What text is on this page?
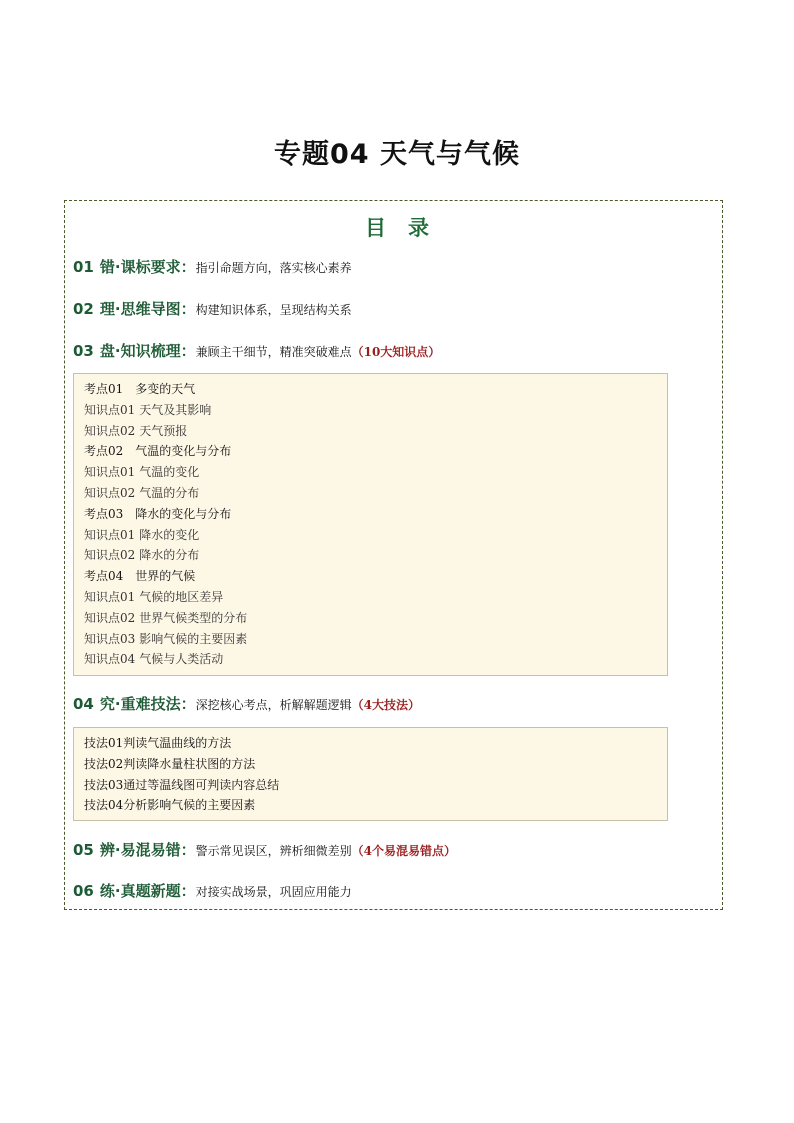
专题04 天气与气候
目录
01 错·课标要求：指引命题方向，落实核心素养
02 理·思维导图：构建知识体系，呈现结构关系
03 盘·知识梳理：兼顾主干细节，精准突破难点（10大知识点）
考点01 多变的天气
知识点01 天气及其影响
知识点02 天气预报
考点02 气温的变化与分布
知识点01 气温的变化
知识点02 气温的分布
考点03 降水的变化与分布
知识点01 降水的变化
知识点02 降水的分布
考点04 世界的气候
知识点01 气候的地区差异
知识点02 世界气候类型的分布
知识点03 影响气候的主要因素
知识点04 气候与人类活动
04 究·重难技法：深挖核心考点，析解解题逻辑（4大技法）
技法01判读气温曲线的方法
技法02判读降水量柱状图的方法
技法03通过等温线图可判读内容总结
技法04分析影响气候的主要因素
05 辨·易混易错：警示常见误区，辨析细微差别（4个易混易错点）
06 练·真题新题：对接实战场景，巩固应用能力
